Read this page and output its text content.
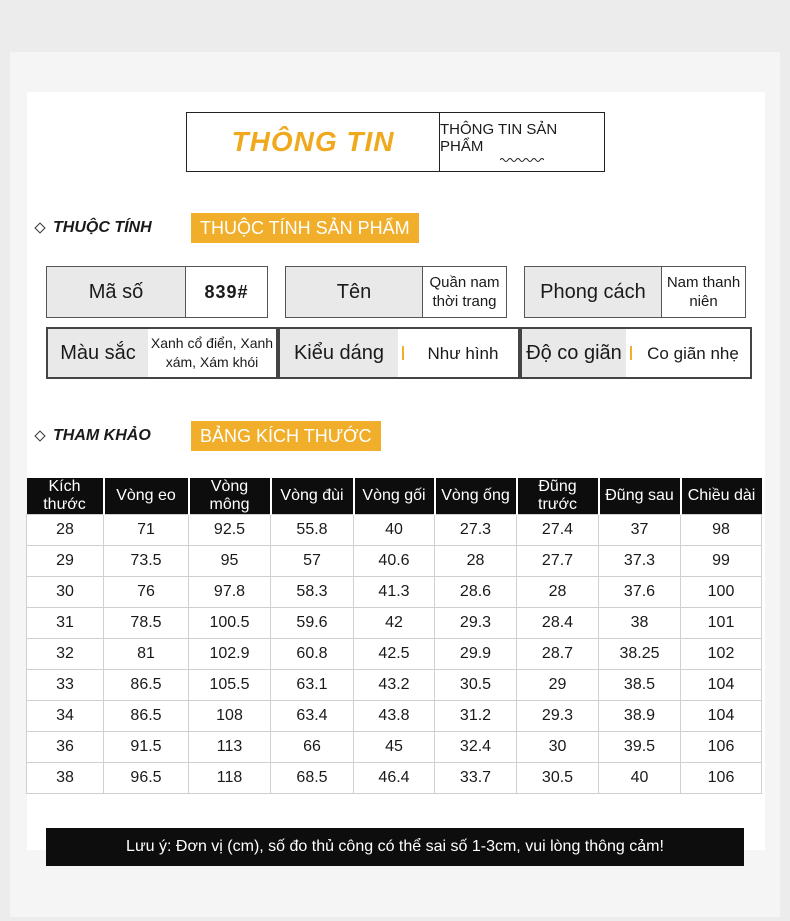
THÔNG TIN	THÔNG TIN SẢN PHẨM
THUỘC TÍNH	THUỘC TÍNH SẢN PHẨM
Mã số	839#	Tên	Quần nam thời trang	Phong cách	Nam thanh niên
Màu sắc	Xanh cổ điển, Xanh xám, Xám khói	Kiểu dáng	Như hình	Độ co giãn	Co giãn nhẹ
THAM KHẢO	BẢNG KÍCH THƯỚC
Kích thước	Vòng eo	Vòng mông	Vòng đùi	Vòng gối	Vòng ống	Đũng trước	Đũng sau	Chiều dài
28	71	92.5	55.8	40	27.3	27.4	37	98
29	73.5	95	57	40.6	28	27.7	37.3	99
30	76	97.8	58.3	41.3	28.6	28	37.6	100
31	78.5	100.5	59.6	42	29.3	28.4	38	101
32	81	102.9	60.8	42.5	29.9	28.7	38.25	102
33	86.5	105.5	63.1	43.2	30.5	29	38.5	104
34	86.5	108	63.4	43.8	31.2	29.3	38.9	104
36	91.5	113	66	45	32.4	30	39.5	106
38	96.5	118	68.5	46.4	33.7	30.5	40	106
Lưu ý: Đơn vị (cm), số đo thủ công có thể sai số 1-3cm, vui lòng thông cảm!
